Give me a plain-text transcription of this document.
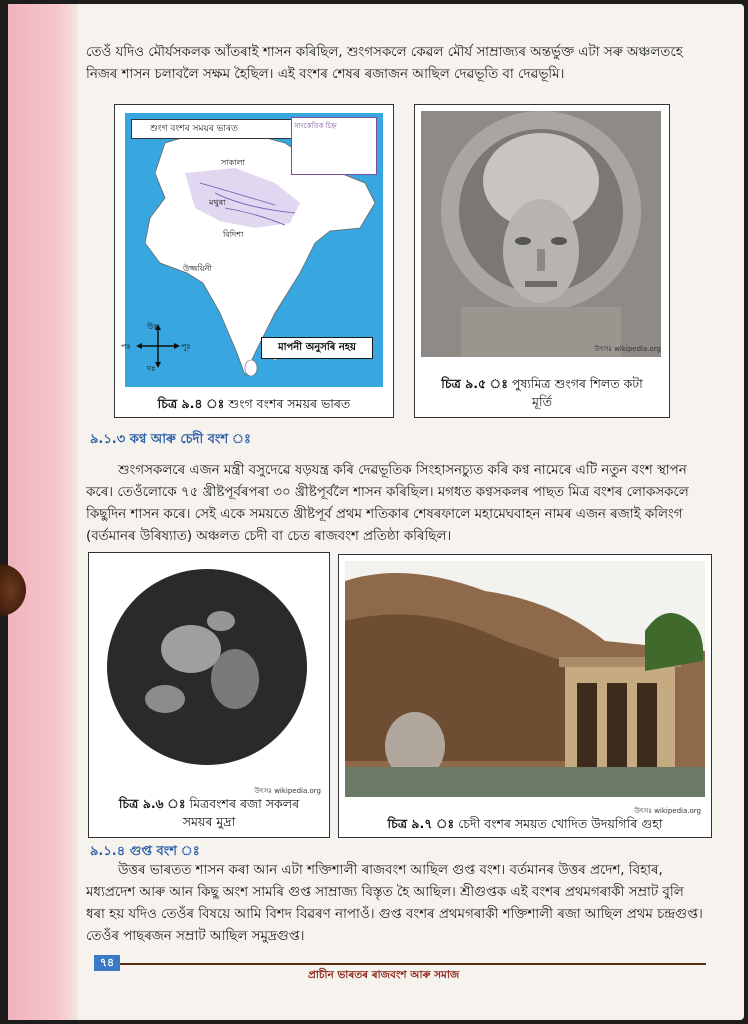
তেওঁ যদিও মৌৰ্যসকলক আঁতৰাই শাসন কৰিছিল, শুংগসকলে কেৱল মৌৰ্য সাম্ৰাজ্যৰ অন্তৰ্ভুক্ত এটা সৰু অঞ্চলতহে নিজৰ শাসন চলাবলৈ সক্ষম হৈছিল। এই বংশৰ শেষৰ ৰজাজন আছিল দেৱভূতি বা দেৱভূমি।
শুংগ বংশৰ সময়ৰ ভাৰত	সাংকেতিক চিহ্ন
সাকালা
মথুৰা
বিদিশা
উজ্জয়িনী
মাপনী অনুসৰি নহয়
উঃ
দঃ
পূঃ
পঃ
চিত্ৰ ৯.৪ ঃ শুংগ বংশৰ সময়ৰ ভাৰত
উৎসঃ wikipedia.org
চিত্ৰ ৯.৫ ঃ পুষ্যমিত্ৰ শুংগৰ শিলত কটা মূৰ্তি
৯.১.৩ কণ্ব আৰু চেদী বংশ ঃ
শুংগসকলৰে এজন মন্ত্ৰী বসুদেৱে ষড়যন্ত্ৰ কৰি দেৱভূতিক সিংহাসনচ্যুত কৰি কণ্ব নামেৰে এটি নতুন বংশ স্থাপন কৰে। তেওঁলোকে ৭৫ খ্ৰীষ্টপূৰ্বৰপৰা ৩০ খ্ৰীষ্টপূৰ্বলৈ শাসন কৰিছিল। মগধত কণ্বসকলৰ পাছত মিত্ৰ বংশৰ লোকসকলে কিছুদিন শাসন কৰে। সেই একে সময়তে খ্ৰীষ্টপূৰ্ব প্ৰথম শতিকাৰ শেষৰফালে মহামেঘবাহন নামৰ এজন ৰজাই কলিংগ (বৰ্তমানৰ উৰিষ্যাত) অঞ্চলত চেদী বা চেত ৰাজবংশ প্ৰতিষ্ঠা কৰিছিল।
উৎসঃ wikipedia.org
চিত্ৰ ৯.৬ ঃ মিত্ৰবংশৰ ৰজা সকলৰ সময়ৰ মুদ্ৰা
উৎসঃ wikipedia.org
চিত্ৰ ৯.৭ ঃ চেদী বংশৰ সময়ত খোদিত উদয়গিৰি গুহা
৯.১.৪ গুপ্ত বংশ ঃ
উত্তৰ ভাৰতত শাসন কৰা আন এটা শক্তিশালী ৰাজবংশ আছিল গুপ্ত বংশ। বৰ্তমানৰ উত্তৰ প্ৰদেশ, বিহাৰ, মধ্যপ্ৰদেশ আৰু আন কিছু অংশ সামৰি গুপ্ত সাম্ৰাজ্য বিস্তৃত হৈ আছিল। শ্ৰীগুপ্তক এই বংশৰ প্ৰথমগৰাকী সম্ৰাট বুলি ধৰা হয় যদিও তেওঁৰ বিষয়ে আমি বিশদ বিৱৰণ নাপাওঁ। গুপ্ত বংশৰ প্ৰথমগৰাকী শক্তিশালী ৰজা আছিল প্ৰথম চন্দ্ৰগুপ্ত। তেওঁৰ পাছৰজন সম্ৰাট আছিল সমুদ্ৰগুপ্ত।
৭৪
প্ৰাচীন ভাৰতৰ ৰাজবংশ আৰু সমাজ
